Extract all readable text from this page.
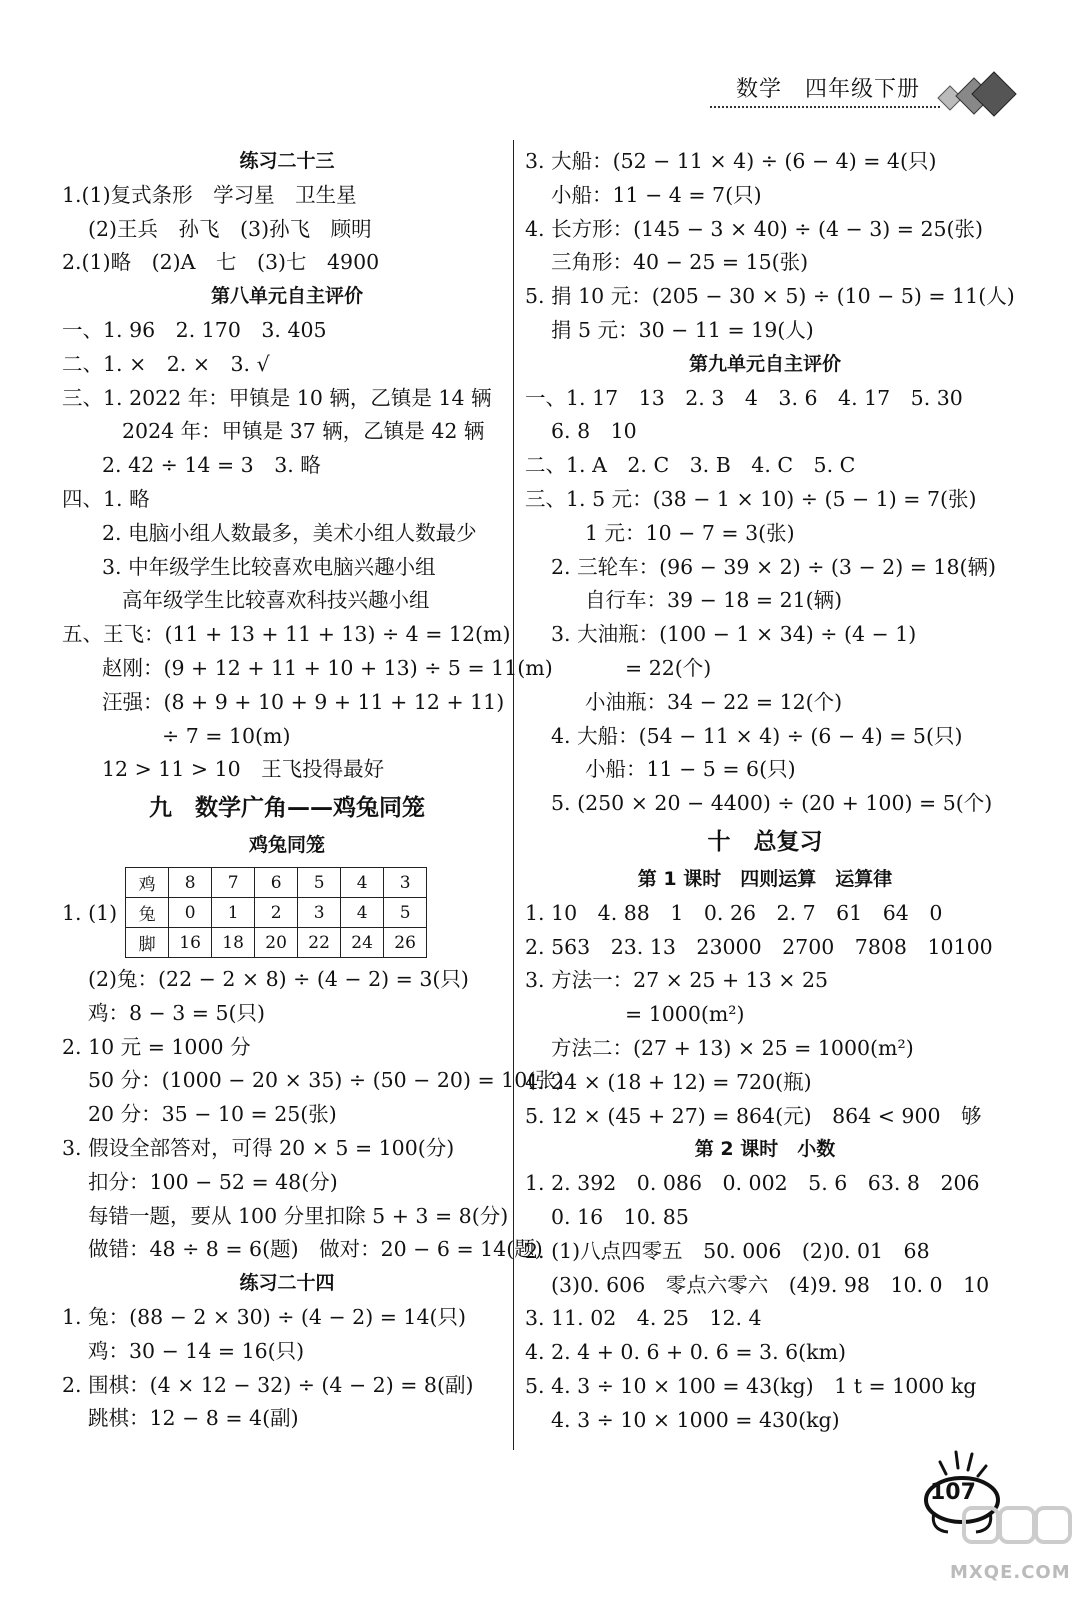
数学　四年级下册
练习二十三
1.(1)复式条形　学习星　卫生星
(2)王兵　孙飞　(3)孙飞　顾明
2.(1)略　(2)A　七　(3)七　4900
第八单元自主评价
一、1. 96　2. 170　3. 405
二、1. ×　2. ×　3. √
三、1. 2022 年：甲镇是 10 辆，乙镇是 14 辆
2024 年：甲镇是 37 辆，乙镇是 42 辆
2. 42 ÷ 14 = 3　3. 略
四、1. 略
2. 电脑小组人数最多，美术小组人数最少
3. 中年级学生比较喜欢电脑兴趣小组
高年级学生比较喜欢科技兴趣小组
五、王飞：(11 + 13 + 11 + 13) ÷ 4 = 12(m)
赵刚：(9 + 12 + 11 + 10 + 13) ÷ 5 = 11(m)
汪强：(8 + 9 + 10 + 9 + 11 + 12 + 11)
÷ 7 = 10(m)
12 > 11 > 10　王飞投得最好
九　数学广角——鸡兔同笼
鸡兔同笼
1. (1)
鸡	8	7	6	5	4	3
兔	0	1	2	3	4	5
脚	16	18	20	22	24	26
(2)兔：(22 − 2 × 8) ÷ (4 − 2) = 3(只)
鸡：8 − 3 = 5(只)
2. 10 元 = 1000 分
50 分：(1000 − 20 × 35) ÷ (50 − 20) = 10(张)
20 分：35 − 10 = 25(张)
3. 假设全部答对，可得 20 × 5 = 100(分)
扣分：100 − 52 = 48(分)
每错一题，要从 100 分里扣除 5 + 3 = 8(分)
做错：48 ÷ 8 = 6(题)　做对：20 − 6 = 14(题)
练习二十四
1. 兔：(88 − 2 × 30) ÷ (4 − 2) = 14(只)
鸡：30 − 14 = 16(只)
2. 围棋：(4 × 12 − 32) ÷ (4 − 2) = 8(副)
跳棋：12 − 8 = 4(副)
3. 大船：(52 − 11 × 4) ÷ (6 − 4) = 4(只)
小船：11 − 4 = 7(只)
4. 长方形：(145 − 3 × 40) ÷ (4 − 3) = 25(张)
三角形：40 − 25 = 15(张)
5. 捐 10 元：(205 − 30 × 5) ÷ (10 − 5) = 11(人)
捐 5 元：30 − 11 = 19(人)
第九单元自主评价
一、1. 17　13　2. 3　4　3. 6　4. 17　5. 30
6. 8　10
二、1. A　2. C　3. B　4. C　5. C
三、1. 5 元：(38 − 1 × 10) ÷ (5 − 1) = 7(张)
1 元：10 − 7 = 3(张)
2. 三轮车：(96 − 39 × 2) ÷ (3 − 2) = 18(辆)
自行车：39 − 18 = 21(辆)
3. 大油瓶：(100 − 1 × 34) ÷ (4 − 1)
= 22(个)
小油瓶：34 − 22 = 12(个)
4. 大船：(54 − 11 × 4) ÷ (6 − 4) = 5(只)
小船：11 − 5 = 6(只)
5. (250 × 20 − 4400) ÷ (20 + 100) = 5(个)
十　总复习
第 1 课时　四则运算　运算律
1. 10　4. 88　1　0. 26　2. 7　61　64　0
2. 563　23. 13　23000　2700　7808　10100
3. 方法一：27 × 25 + 13 × 25
= 1000(m²)
方法二：(27 + 13) × 25 = 1000(m²)
4. 24 × (18 + 12) = 720(瓶)
5. 12 × (45 + 27) = 864(元)　864 < 900　够
第 2 课时　小数
1. 2. 392　0. 086　0. 002　5. 6　63. 8　206
0. 16　10. 85
2. (1)八点四零五　50. 006　(2)0. 01　68
(3)0. 606　零点六零六　(4)9. 98　10. 0　10
3. 11. 02　4. 25　12. 4
4. 2. 4 + 0. 6 + 0. 6 = 3. 6(km)
5. 4. 3 ÷ 10 × 100 = 43(kg)　1 t = 1000 kg
4. 3 ÷ 10 × 1000 = 430(kg)
107
MXQE.COM
